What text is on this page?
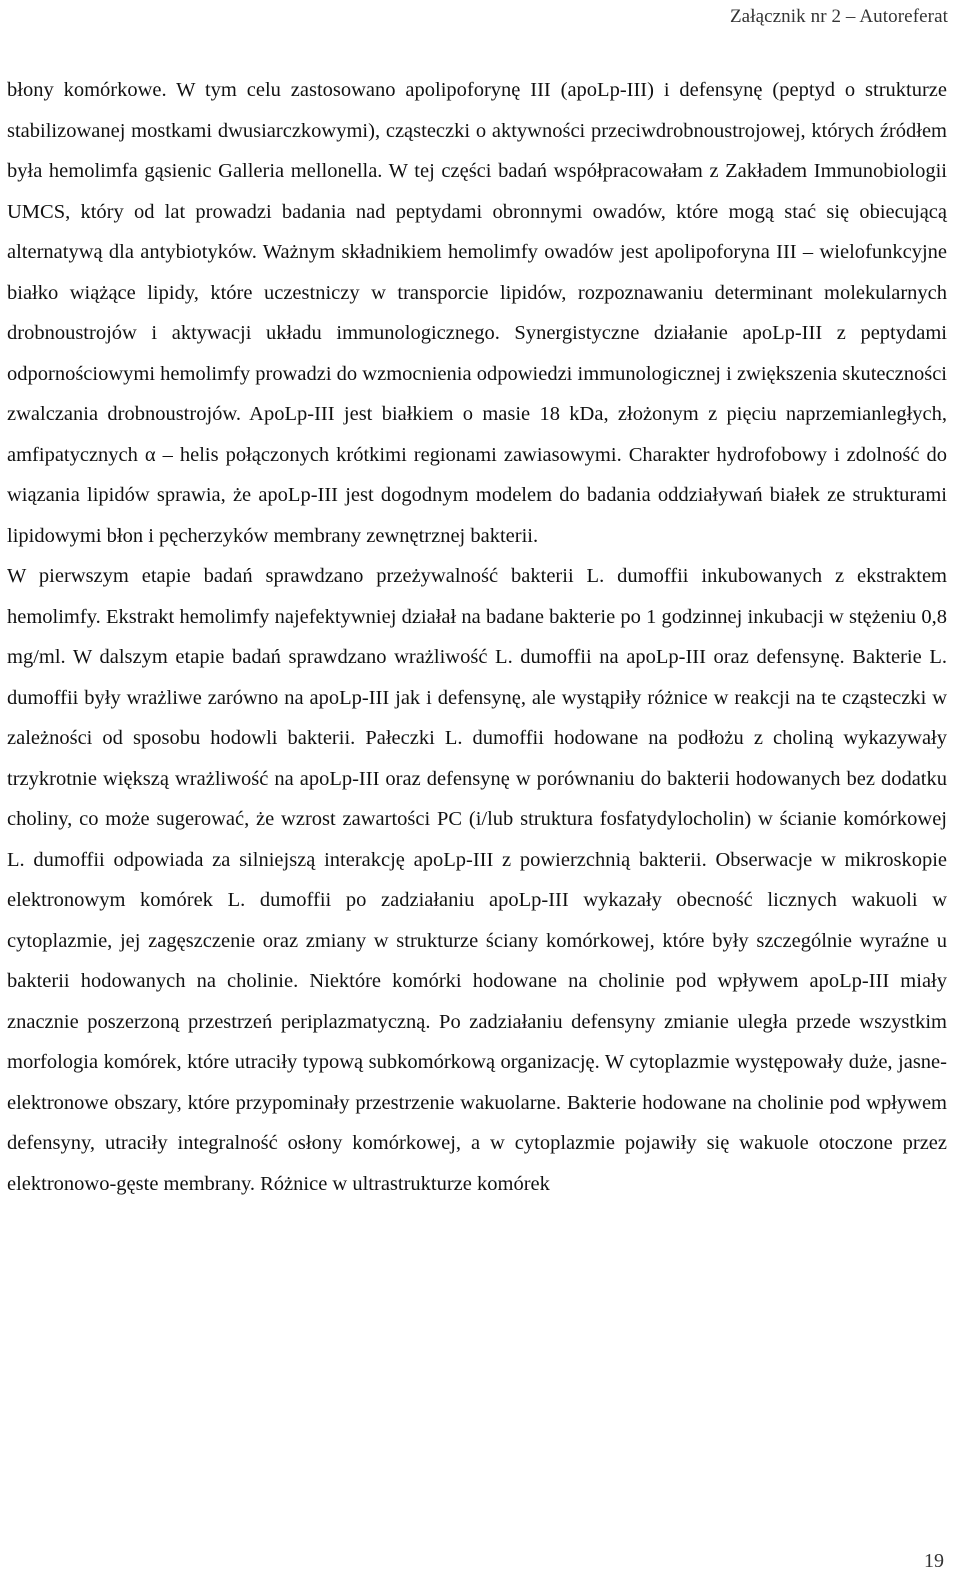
Załącznik nr 2 – Autoreferat

błony komórkowe. W tym celu zastosowano apolipoforynę III (apoLp-III) i defensynę (peptyd o strukturze stabilizowanej mostkami dwusiarczkowymi), cząsteczki o aktywności przeciwdrobnoustrojowej, których źródłem była hemolimfa gąsienic Galleria mellonella. W tej części badań współpracowałam z Zakładem Immunobiologii UMCS, który od lat prowadzi badania nad peptydami obronnymi owadów, które mogą stać się obiecującą alternatywą dla antybiotyków. Ważnym składnikiem hemolimfy owadów jest apolipoforyna III – wielofunkcyjne białko wiążące lipidy, które uczestniczy w transporcie lipidów, rozpoznawaniu determinant molekularnych drobnoustrojów i aktywacji układu immunologicznego. Synergistyczne działanie apoLp-III z peptydami odpornościowymi hemolimfy prowadzi do wzmocnienia odpowiedzi immunologicznej i zwiększenia skuteczności zwalczania drobnoustrojów. ApoLp-III jest białkiem o masie 18 kDa, złożonym z pięciu naprzemianległych, amfipatycznych α – helis połączonych krótkimi regionami zawiasowymi. Charakter hydrofobowy i zdolność do wiązania lipidów sprawia, że apoLp-III jest dogodnym modelem do badania oddziaływań białek ze strukturami lipidowymi błon i pęcherzyków membrany zewnętrznej bakterii.

W pierwszym etapie badań sprawdzano przeżywalność bakterii L. dumoffii inkubowanych z ekstraktem hemolimfy. Ekstrakt hemolimfy najefektywniej działał na badane bakterie po 1 godzinnej inkubacji w stężeniu 0,8 mg/ml. W dalszym etapie badań sprawdzano wrażliwość L. dumoffii na apoLp-III oraz defensynę. Bakterie L. dumoffii były wrażliwe zarówno na apoLp-III jak i defensynę, ale wystąpiły różnice w reakcji na te cząsteczki w zależności od sposobu hodowli bakterii. Pałeczki L. dumoffii hodowane na podłożu z choliną wykazywały trzykrotnie większą wrażliwość na apoLp-III oraz defensynę w porównaniu do bakterii hodowanych bez dodatku choliny, co może sugerować, że wzrost zawartości PC (i/lub struktura fosfatydylocholin) w ścianie komórkowej L. dumoffii odpowiada za silniejszą interakcję apoLp-III z powierzchnią bakterii. Obserwacje w mikroskopie elektronowym komórek L. dumoffii po zadziałaniu apoLp-III wykazały obecność licznych wakuoli w cytoplazmie, jej zagęszczenie oraz zmiany w strukturze ściany komórkowej, które były szczególnie wyraźne u bakterii hodowanych na cholinie. Niektóre komórki hodowane na cholinie pod wpływem apoLp-III miały znacznie poszerzoną przestrzeń periplazmatyczną. Po zadziałaniu defensyny zmianie uległa przede wszystkim morfologia komórek, które utraciły typową subkomórkową organizację. W cytoplazmie występowały duże, jasne-elektronowe obszary, które przypominały przestrzenie wakuolarne. Bakterie hodowane na cholinie pod wpływem defensyny, utraciły integralność osłony komórkowej, a w cytoplazmie pojawiły się wakuole otoczone przez elektronowo-gęste membrany. Różnice w ultrastrukturze komórek

19
